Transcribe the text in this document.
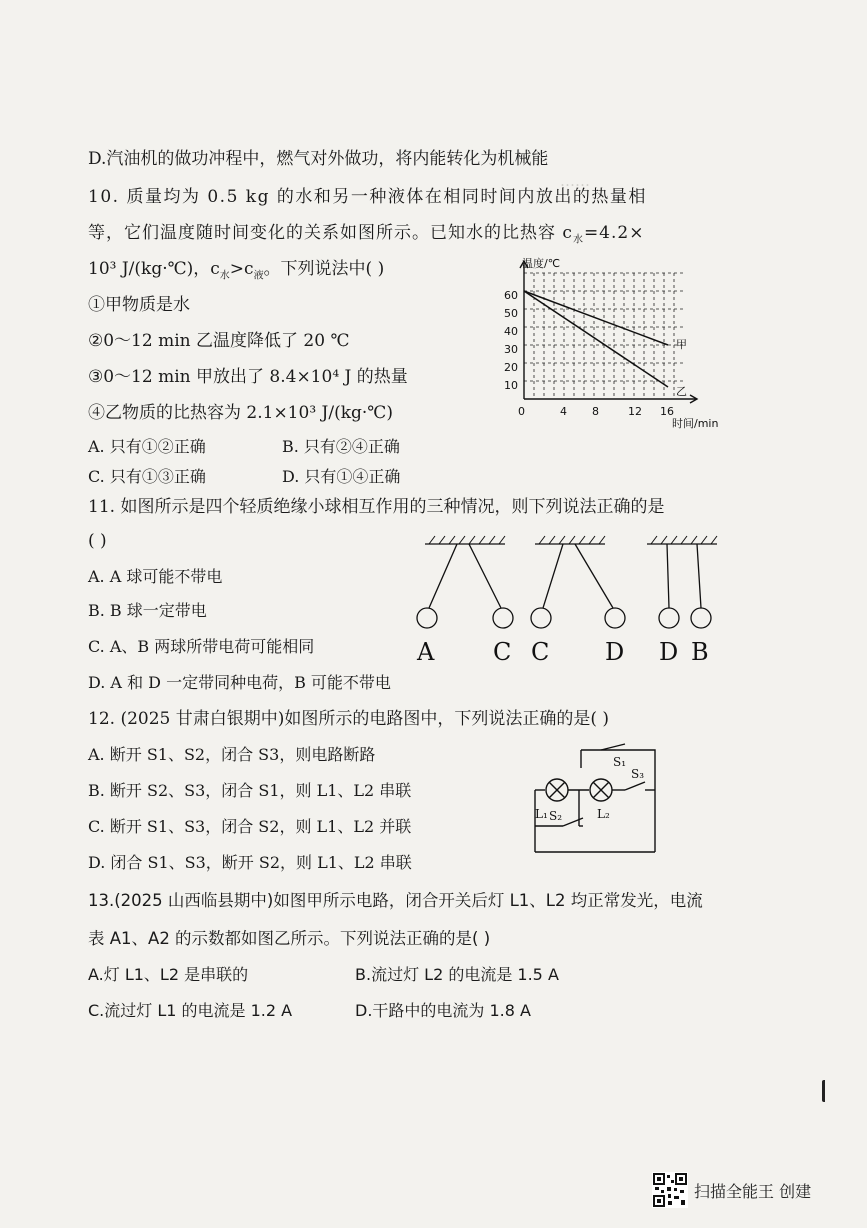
……
D.汽油机的做功冲程中，燃气对外做功，将内能转化为机械能
10. 质量均为 0.5 kg 的水和另一种液体在相同时间内放出的热量相
等，它们温度随时间变化的关系如图所示。已知水的比热容 $c_水=4.2\times$
10³ J/(kg·℃)，$c_水>c_液$。下列说法中( )
①甲物质是水
②0～12 min 乙温度降低了 20 ℃
③0～12 min 甲放出了 8.4×10⁴ J 的热量
④乙物质的比热容为 2.1×10³ J/(kg·℃)
A. 只有①②正确	B. 只有②④正确
C. 只有①③正确	D. 只有①④正确
温度/℃
10
20
30
40
50
60
0	4 8	12 16
时间/min
甲
乙
11. 如图所示是四个轻质绝缘小球相互作用的三种情况，则下列说法正确的是
( )
A. A 球可能不带电
B. B 球一定带电
C. A、B 两球所带电荷可能相同
D. A 和 D 一定带同种电荷，B 可能不带电
A C C D D B
12. (2025 甘肃白银期中)如图所示的电路图中，下列说法正确的是( )
A. 断开 S1、S2，闭合 S3，则电路断路
B. 断开 S2、S3，闭合 S1，则 L1、L2 串联
C. 断开 S1、S3，闭合 S2，则 L1、L2 并联
D. 闭合 S1、S3，断开 S2，则 L1、L2 串联
S₁
S₂
S₃
L₁	L₂
13.(2025 山西临县期中)如图甲所示电路，闭合开关后灯 L1、L2 均正常发光，电流
表 A1、A2 的示数都如图乙所示。下列说法正确的是( )
A.灯 L1、L2 是串联的	B.流过灯 L2 的电流是 1.5 A
C.流过灯 L1 的电流是 1.2 A	D.干路中的电流为 1.8 A
扫描全能王 创建
